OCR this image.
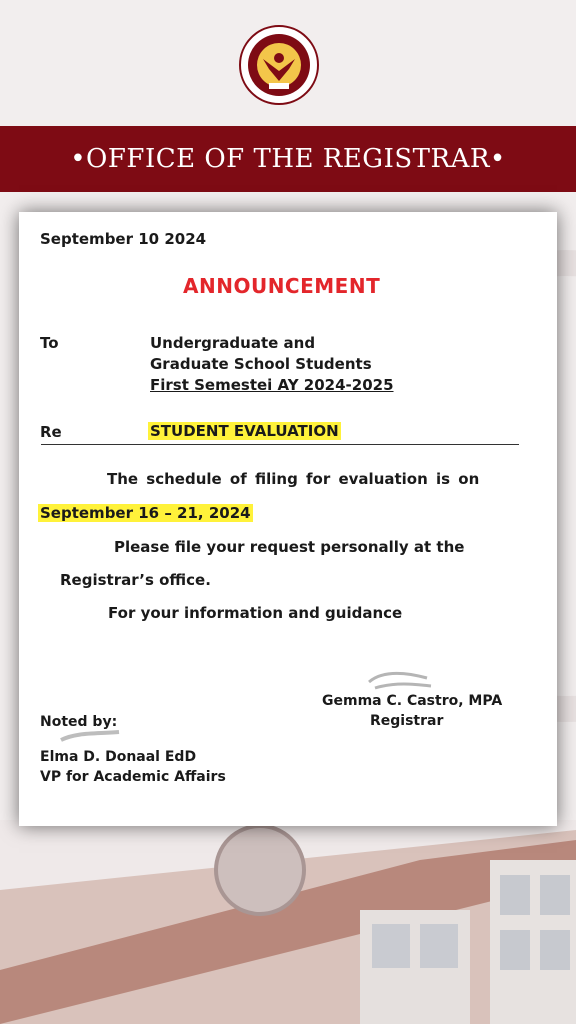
•OFFICE OF THE REGISTRAR•
September 10 2024
ANNOUNCEMENT
To	Undergraduate and
Graduate School Students
First Semestei AY 2024-2025
Re	STUDENT EVALUATION
The schedule of filing for evaluation is on
September 16 – 21, 2024
Please file your request personally at the
Registrar’s office.
For your information and guidance
Gemma C. Castro, MPA
Registrar
Noted by:
Elma D. Donaal EdD
VP for Academic Affairs
